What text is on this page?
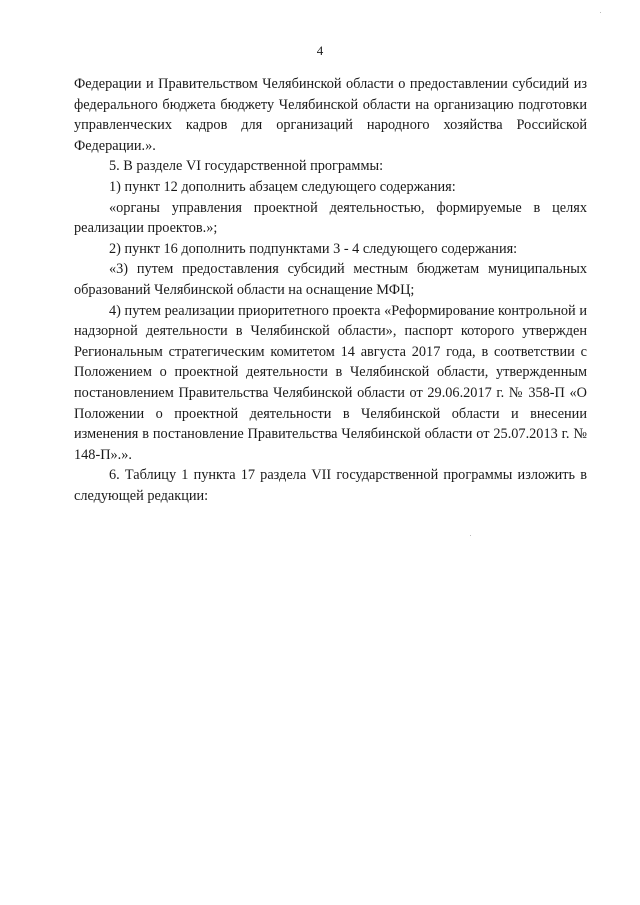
4

Федерации и Правительством Челябинской области о предоставлении субсидий из федерального бюджета бюджету Челябинской области на организацию подготовки управленческих кадров для организаций народного хозяйства Российской Федерации.».

5. В разделе VI государственной программы:

1) пункт 12 дополнить абзацем следующего содержания:

«органы управления проектной деятельностью, формируемые в целях реализации проектов.»;

2) пункт 16 дополнить подпунктами 3 - 4 следующего содержания:

«3) путем предоставления субсидий местным бюджетам муниципальных образований Челябинской области на оснащение МФЦ;

4) путем реализации приоритетного проекта «Реформирование контрольной и надзорной деятельности в Челябинской области», паспорт которого утвержден Региональным стратегическим комитетом 14 августа 2017 года, в соответствии с Положением о проектной деятельности в Челябинской области, утвержденным постановлением Правительства Челябинской области от 29.06.2017 г. № 358-П «О Положении о проектной деятельности в Челябинской области и внесении изменения в постановление Правительства Челябинской области от 25.07.2013 г. № 148-П».».

6. Таблицу 1 пункта 17 раздела VII государственной программы изложить в следующей редакции:
